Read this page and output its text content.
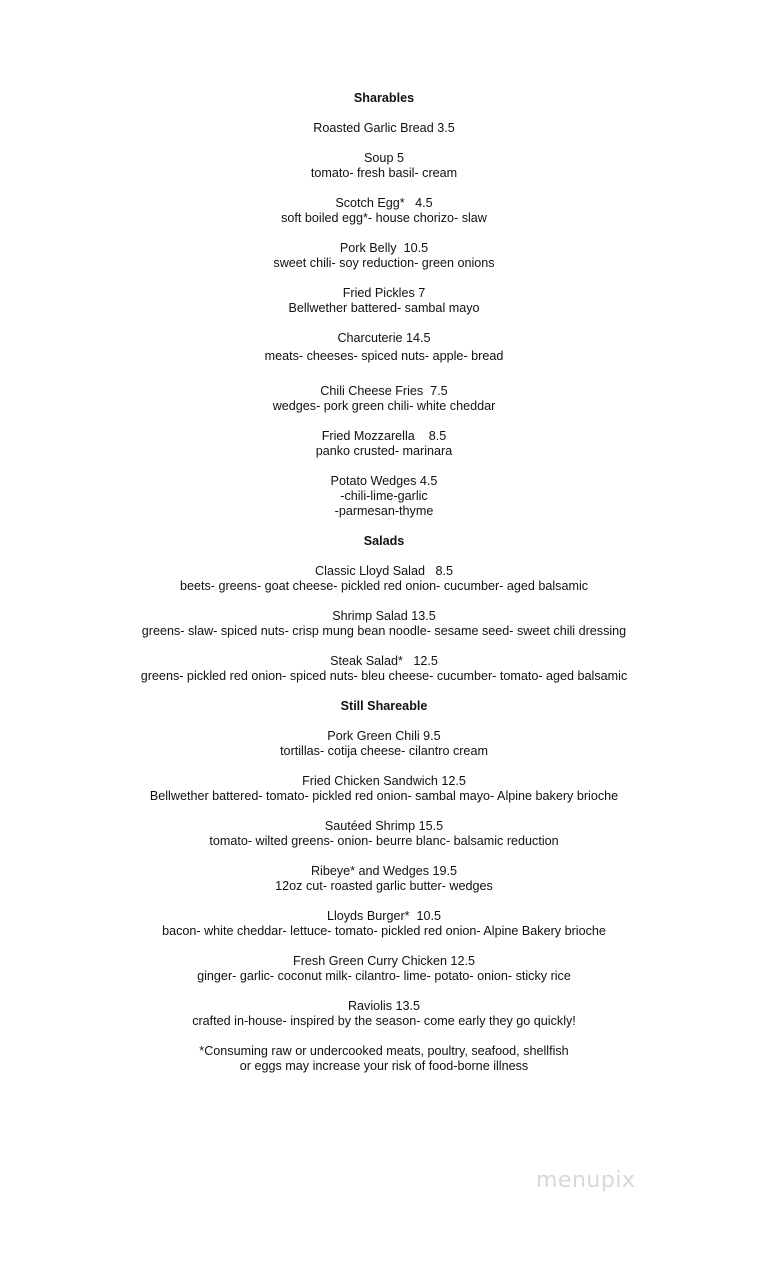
Sharables
Roasted Garlic Bread 3.5
Soup 5
tomato- fresh basil- cream
Scotch Egg*   4.5
soft boiled egg*- house chorizo- slaw
Pork Belly  10.5
sweet chili- soy reduction- green onions
Fried Pickles 7
Bellwether battered- sambal mayo
Charcuterie 14.5
meats- cheeses- spiced nuts- apple- bread
Chili Cheese Fries  7.5
wedges- pork green chili- white cheddar
Fried Mozzarella    8.5
panko crusted- marinara
Potato Wedges 4.5
-chili-lime-garlic
-parmesan-thyme
Salads
Classic Lloyd Salad   8.5
beets- greens- goat cheese- pickled red onion- cucumber- aged balsamic
Shrimp Salad 13.5
greens- slaw- spiced nuts- crisp mung bean noodle- sesame seed- sweet chili dressing
Steak Salad*   12.5
greens- pickled red onion- spiced nuts- bleu cheese- cucumber- tomato- aged balsamic
Still Shareable
Pork Green Chili 9.5
tortillas- cotija cheese- cilantro cream
Fried Chicken Sandwich 12.5
Bellwether battered- tomato- pickled red onion- sambal mayo- Alpine bakery brioche
Sautéed Shrimp 15.5
tomato- wilted greens- onion- beurre blanc- balsamic reduction
Ribeye* and Wedges 19.5
12oz cut- roasted garlic butter- wedges
Lloyds Burger*  10.5
bacon- white cheddar- lettuce- tomato- pickled red onion- Alpine Bakery brioche
Fresh Green Curry Chicken 12.5
ginger- garlic- coconut milk- cilantro- lime- potato- onion- sticky rice
Raviolis 13.5
crafted in-house- inspired by the season- come early they go quickly!
*Consuming raw or undercooked meats, poultry, seafood, shellfish
or eggs may increase your risk of food-borne illness
menupix
